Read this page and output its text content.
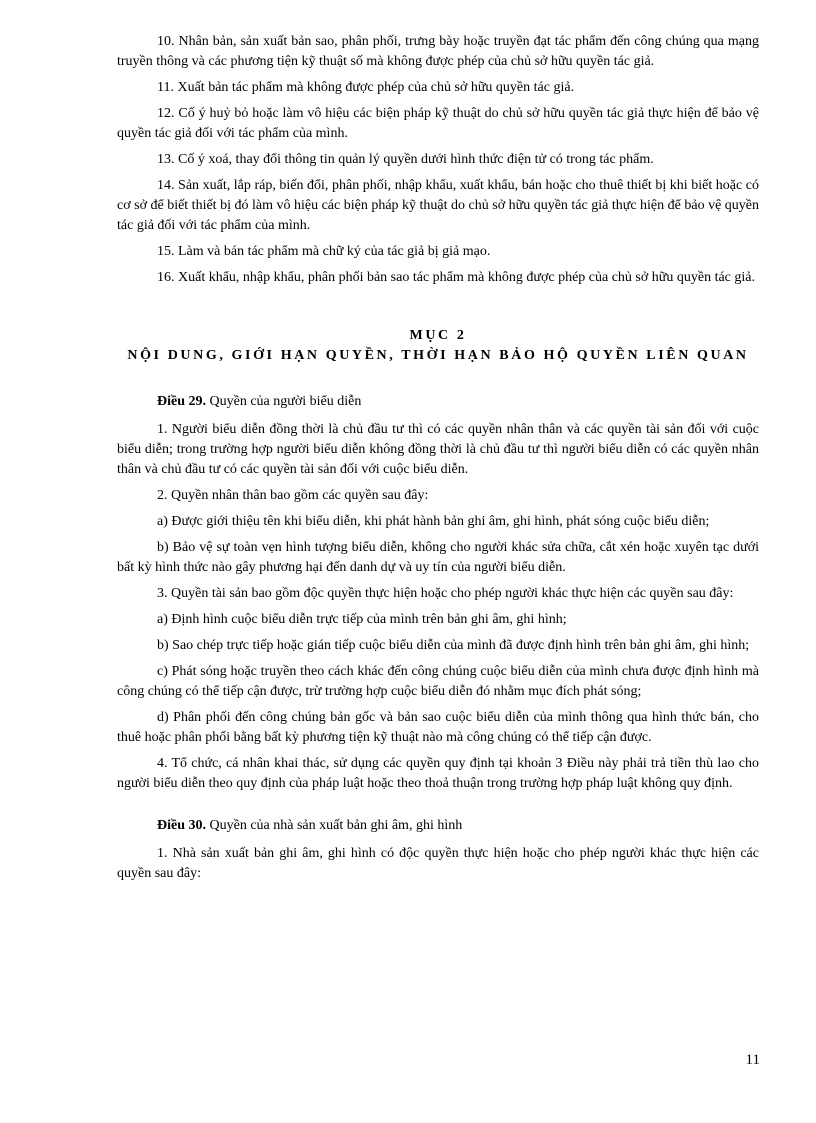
10. Nhân bản, sản xuất bản sao, phân phối, trưng bày hoặc truyền đạt tác phẩm đến công chúng qua mạng truyền thông và các phương tiện kỹ thuật số mà không được phép của chủ sở hữu quyền tác giả.

11. Xuất bản tác phẩm mà không được phép của chủ sở hữu quyền tác giả.

12. Cố ý huỷ bỏ hoặc làm vô hiệu các biện pháp kỹ thuật do chủ sở hữu quyền tác giả thực hiện để bảo vệ quyền tác giả đối với tác phẩm của mình.

13. Cố ý xoá, thay đổi thông tin quản lý quyền dưới hình thức điện tử có trong tác phẩm.

14. Sản xuất, lắp ráp, biến đổi, phân phối, nhập khẩu, xuất khẩu, bán hoặc cho thuê thiết bị khi biết hoặc có cơ sở để biết thiết bị đó làm vô hiệu các biện pháp kỹ thuật do chủ sở hữu quyền tác giả thực hiện để bảo vệ quyền tác giả đối với tác phẩm của mình.

15. Làm và bán tác phẩm mà chữ ký của tác giả bị giả mạo.

16. Xuất khẩu, nhập khẩu, phân phối bản sao tác phẩm mà không được phép của chủ sở hữu quyền tác giả.

MỤC 2

NỘI DUNG, GIỚI HẠN QUYỀN, THỜI HẠN BẢO HỘ QUYỀN LIÊN QUAN

Điều 29. Quyền của người biểu diễn

1. Người biểu diễn đồng thời là chủ đầu tư thì có các quyền nhân thân và các quyền tài sản đối với cuộc biểu diễn; trong trường hợp người biểu diễn không đồng thời là chủ đầu tư thì người biểu diễn có các quyền nhân thân và chủ đầu tư có các quyền tài sản đối với cuộc biểu diễn.

2. Quyền nhân thân bao gồm các quyền sau đây:

a) Được giới thiệu tên khi biểu diễn, khi phát hành bản ghi âm, ghi hình, phát sóng cuộc biểu diễn;

b) Bảo vệ sự toàn vẹn hình tượng biểu diễn, không cho người khác sửa chữa, cắt xén hoặc xuyên tạc dưới bất kỳ hình thức nào gây phương hại đến danh dự và uy tín của người biểu diễn.

3. Quyền tài sản bao gồm độc quyền thực hiện hoặc cho phép người khác thực hiện các quyền sau đây:

a) Định hình cuộc biểu diễn trực tiếp của mình trên bản ghi âm, ghi hình;

b) Sao chép trực tiếp hoặc gián tiếp cuộc biểu diễn của mình đã được định hình trên bản ghi âm, ghi hình;

c) Phát sóng hoặc truyền theo cách khác đến công chúng cuộc biểu diễn của mình chưa được định hình mà công chúng có thể tiếp cận được, trừ trường hợp cuộc biểu diễn đó nhằm mục đích phát sóng;

d) Phân phối đến công chúng bản gốc và bản sao cuộc biểu diễn của mình thông qua hình thức bán, cho thuê hoặc phân phối bằng bất kỳ phương tiện kỹ thuật nào mà công chúng có thể tiếp cận được.

4. Tổ chức, cá nhân khai thác, sử dụng các quyền quy định tại khoản 3 Điều này phải trả tiền thù lao cho người biểu diễn theo quy định của pháp luật hoặc theo thoả thuận trong trường hợp pháp luật không quy định.

Điều 30. Quyền của nhà sản xuất bản ghi âm, ghi hình

1. Nhà sản xuất bản ghi âm, ghi hình có độc quyền thực hiện hoặc cho phép người khác thực hiện các quyền sau đây:

11
